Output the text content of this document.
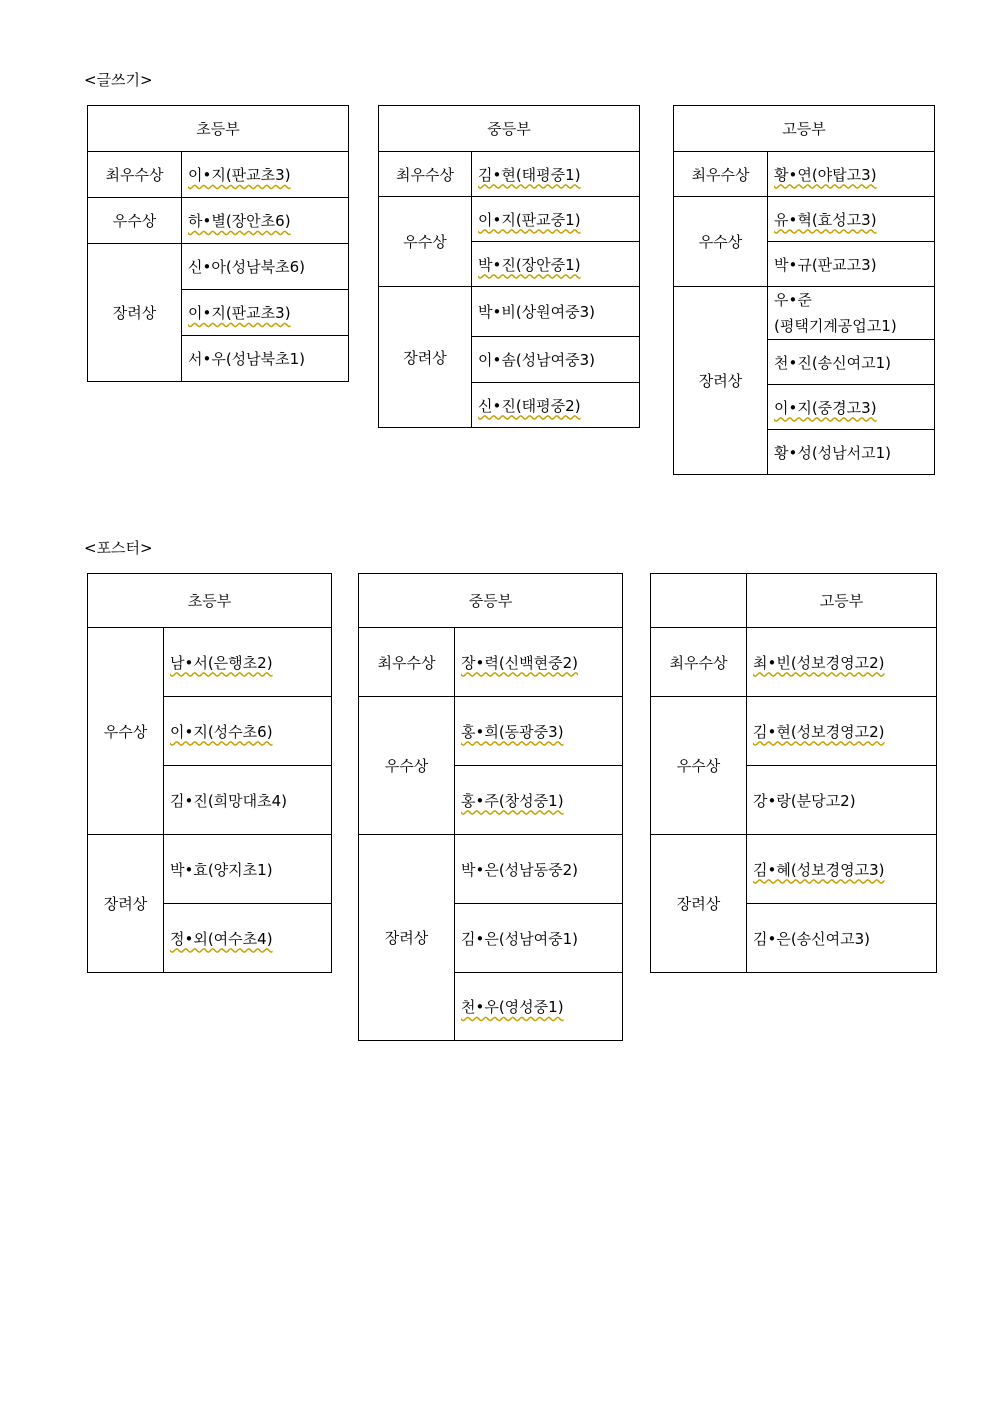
<글쓰기>
초등부	
최우수상	이•지(판교초3)
우수상	하•별(장안초6)
장려상	신•아(성남북초6)
	이•지(판교초3)
	서•우(성남북초1)
중등부	
최우수상	김•현(태평중1)
우수상	이•지(판교중1)
	박•진(장안중1)
장려상	박•비(상원여중3)
	이•솜(성남여중3)
	신•진(태평중2)
고등부	
최우수상	황•연(야탑고3)
우수상	유•혁(효성고3)
	박•규(판교고3)
장려상	우•준
(평택기계공업고1)
	천•진(송신여고1)
	이•지(중경고3)
	황•성(성남서고1)
<포스터>
초등부	
우수상	남•서(은행초2)
	이•지(성수초6)
	김•진(희망대초4)
장려상	박•효(양지초1)
	정•외(여수초4)
중등부	
최우수상	장•력(신백현중2)
우수상	홍•희(동광중3)
	홍•주(창성중1)
장려상	박•은(성남동중2)
	김•은(성남여중1)
	천•우(영성중1)
	고등부
최우수상	최•빈(성보경영고2)
우수상	김•현(성보경영고2)
	강•랑(분당고2)
장려상	김•혜(성보경영고3)
	김•은(송신여고3)
